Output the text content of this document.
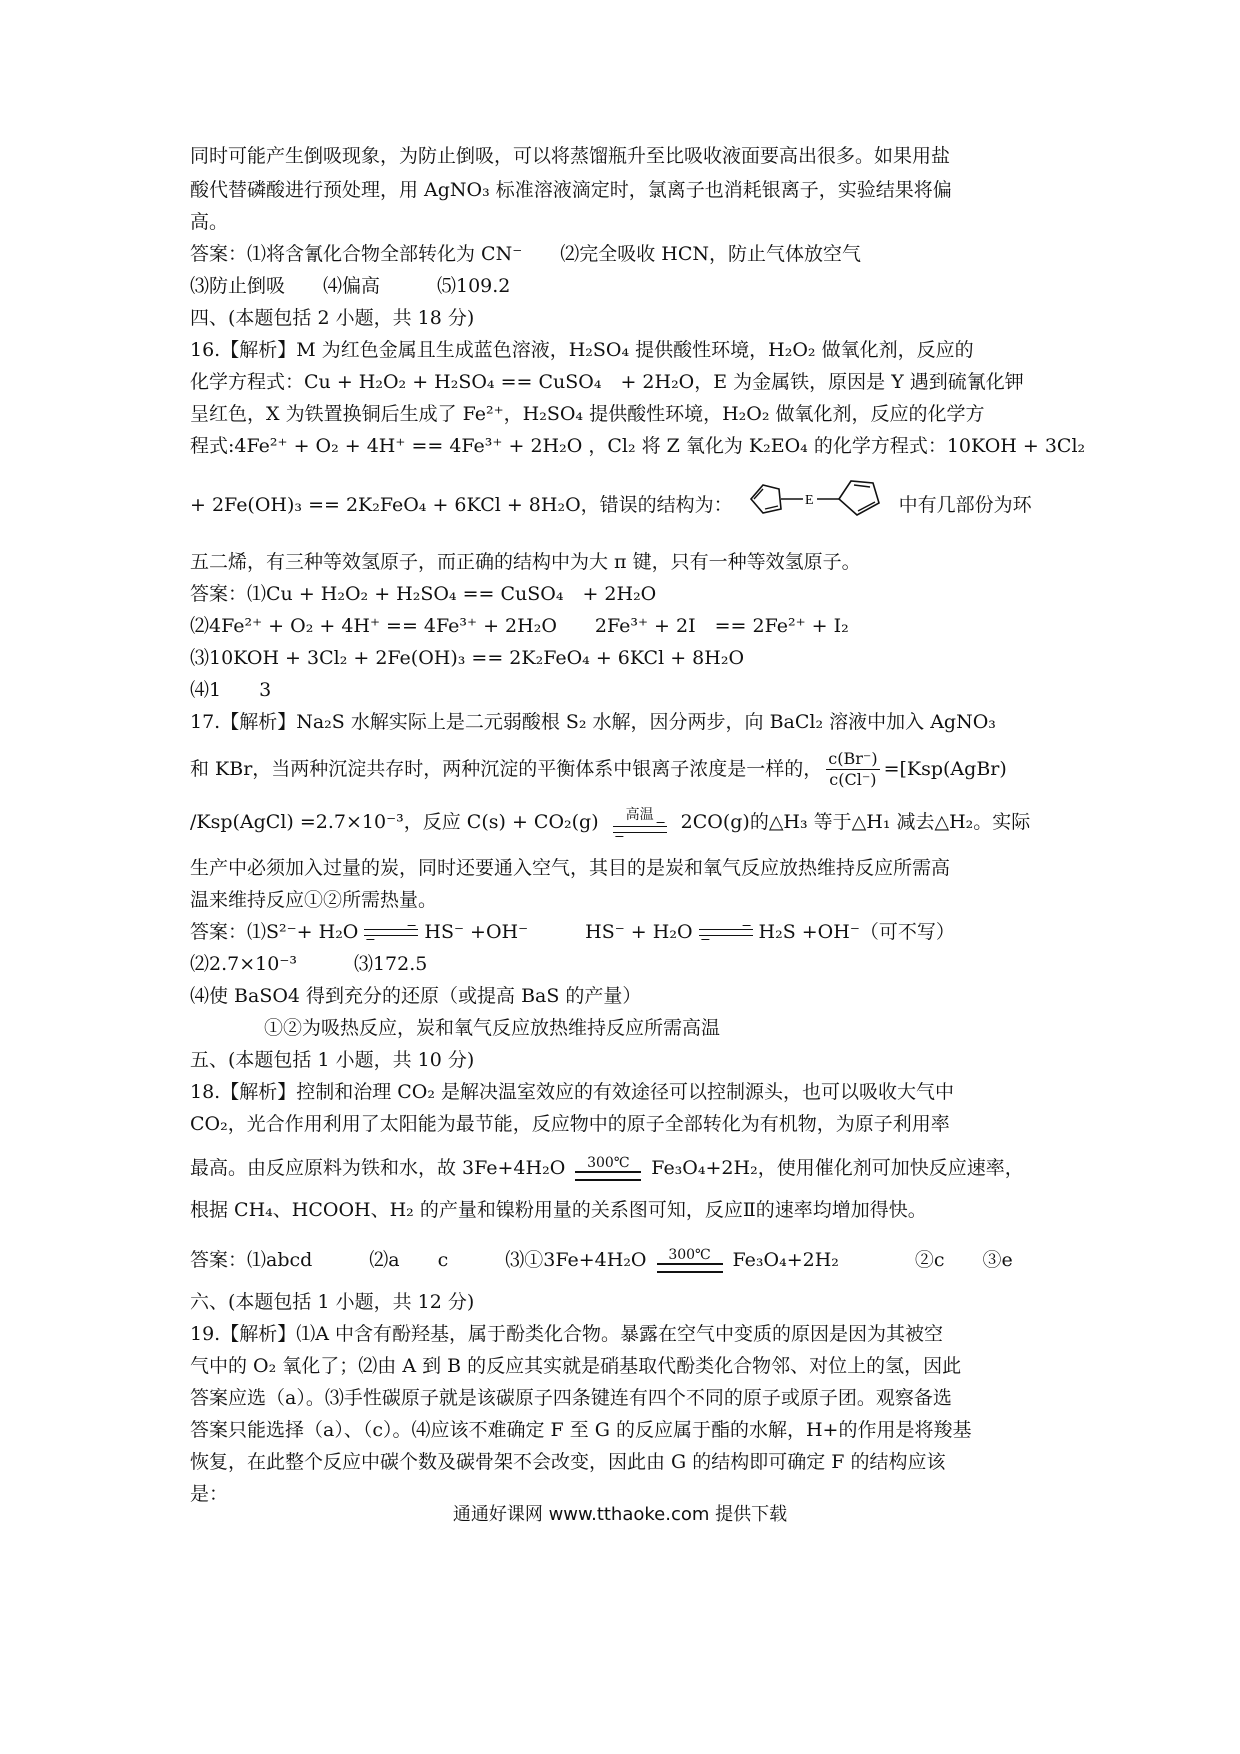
同时可能产生倒吸现象，为防止倒吸，可以将蒸馏瓶升至比吸收液面要高出很多。如果用盐
酸代替磷酸进行预处理，用 AgNO₃ 标准溶液滴定时，氯离子也消耗银离子，实验结果将偏
高。
答案：⑴将含氰化合物全部转化为 CN⁻　　⑵完全吸收 HCN，防止气体放空气
⑶防止倒吸　　⑷偏高　　　⑸109.2
四、(本题包括 2 小题，共 18 分)
16.【解析】M 为红色金属且生成蓝色溶液，H₂SO₄ 提供酸性环境，H₂O₂ 做氧化剂，反应的
化学方程式：Cu + H₂O₂ + H₂SO₄ == CuSO₄　+ 2H₂O，E 为金属铁，原因是 Y 遇到硫氰化钾
呈红色，X 为铁置换铜后生成了 Fe²⁺，H₂SO₄ 提供酸性环境，H₂O₂ 做氧化剂，反应的化学方
程式:4Fe²⁺ + O₂ + 4H⁺ == 4Fe³⁺ + 2H₂O ，Cl₂ 将 Z 氧化为 K₂EO₄ 的化学方程式：10KOH + 3Cl₂
+ 2Fe(OH)₃ == 2K₂FeO₄ + 6KCl + 8H₂O，错误的结构为：	E	中有几部份为环
五二烯，有三种等效氢原子，而正确的结构中为大 π 键，只有一种等效氢原子。
答案：⑴Cu + H₂O₂ + H₂SO₄ == CuSO₄　+ 2H₂O
⑵4Fe²⁺ + O₂ + 4H⁺ == 4Fe³⁺ + 2H₂O　　2Fe³⁺ + 2I　== 2Fe²⁺ + I₂
⑶10KOH + 3Cl₂ + 2Fe(OH)₃ == 2K₂FeO₄ + 6KCl + 8H₂O
⑷1　　3
17.【解析】Na₂S 水解实际上是二元弱酸根 S₂ 水解，因分两步，向 BaCl₂ 溶液中加入 AgNO₃
和 KBr，当两种沉淀共存时，两种沉淀的平衡体系中银离子浓度是一样的， $\frac{c(Br^-)}{c(Cl^-)}$ =[Ksp(AgBr)
/Ksp(AgCl) =2.7×10⁻³，反应 C(s) + CO₂(g) 高温 2CO(g)的△H₃ 等于△H₁ 减去△H₂。实际
生产中必须加入过量的炭，同时还要通入空气，其目的是炭和氧气反应放热维持反应所需高
温来维持反应①②所需热量。
答案：⑴S²⁻+ H₂O	HS⁻ +OH⁻　　　HS⁻ + H₂O	H₂S +OH⁻（可不写）
⑵2.7×10⁻³　　　⑶172.5
⑷使 BaSO4 得到充分的还原（或提高 BaS 的产量）
①②为吸热反应，炭和氧气反应放热维持反应所需高温
五、(本题包括 1 小题，共 10 分)
18.【解析】控制和治理 CO₂ 是解决温室效应的有效途径可以控制源头，也可以吸收大气中
CO₂，光合作用利用了太阳能为最节能，反应物中的原子全部转化为有机物，为原子利用率
最高。由反应原料为铁和水，故 3Fe+4H₂O 300℃ Fe₃O₄+2H₂，使用催化剂可加快反应速率，
根据 CH₄、HCOOH、H₂ 的产量和镍粉用量的关系图可知，反应Ⅱ的速率均增加得快。
答案：⑴abcd　　　⑵a　　c　　　⑶①3Fe+4H₂O 300℃ Fe₃O₄+2H₂　　　　②c　　③e
六、(本题包括 1 小题，共 12 分)
19.【解析】⑴A 中含有酚羟基，属于酚类化合物。暴露在空气中变质的原因是因为其被空
气中的 O₂ 氧化了；⑵由 A 到 B 的反应其实就是硝基取代酚类化合物邻、对位上的氢，因此
答案应选（a）。⑶手性碳原子就是该碳原子四条键连有四个不同的原子或原子团。观察备选
答案只能选择（a）、（c）。⑷应该不难确定 F 至 G 的反应属于酯的水解，H+的作用是将羧基
恢复，在此整个反应中碳个数及碳骨架不会改变，因此由 G 的结构即可确定 F 的结构应该
是：
通通好课网 www.tthaoke.com 提供下载
